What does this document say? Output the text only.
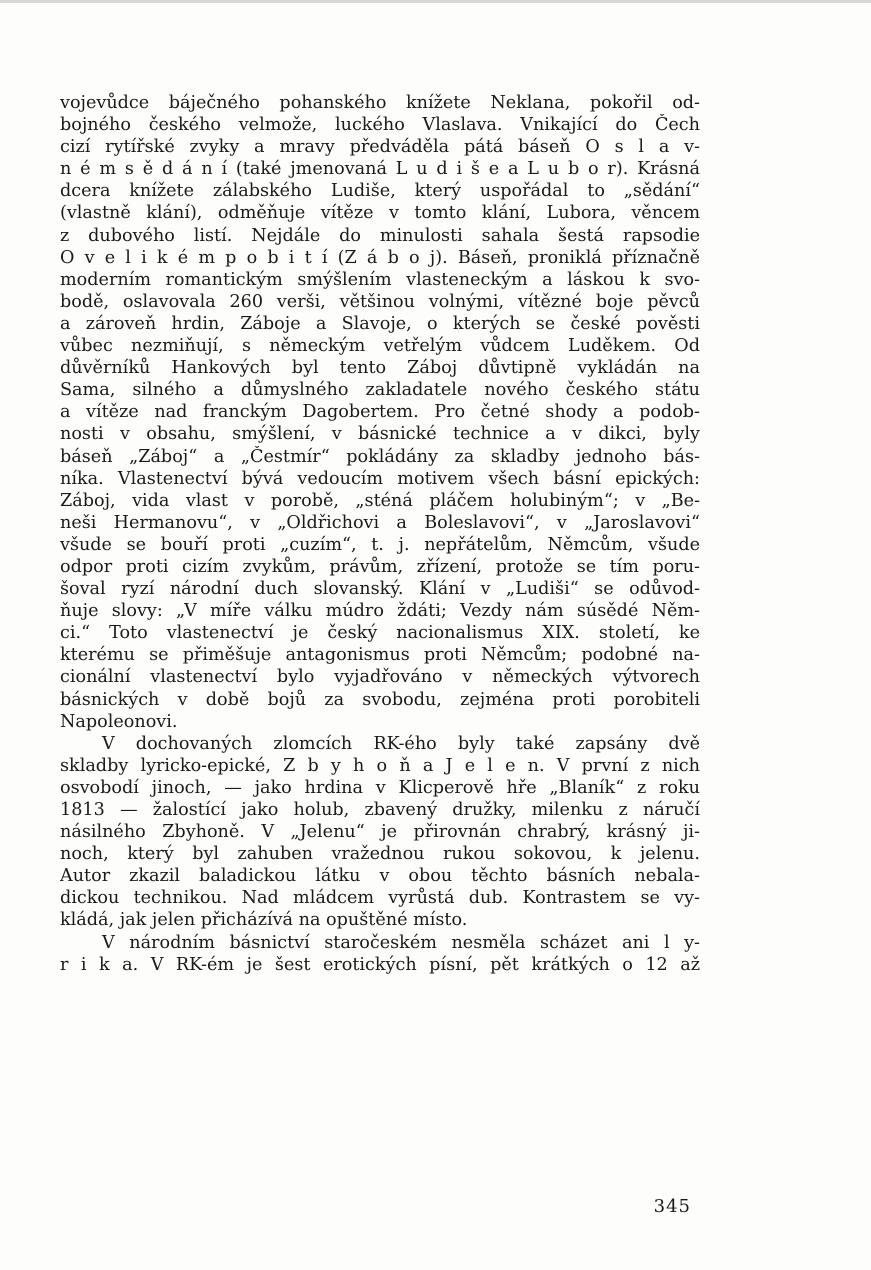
vojevůdce báječného pohanského knížete Neklana, pokořil od-
bojného českého velmože, luckého Vlaslava. Vnikající do Čech
cizí rytířské zvyky a mravy předváděla pátá báseň O s l a v-
n é m s ě d á n í (také jmenovaná L u d i š e a L u b o r). Krásná
dcera knížete zálabského Ludiše, který uspořádal to „sědání“
(vlastně klání), odměňuje vítěze v tomto klání, Lubora, věncem
z dubového listí. Nejdále do minulosti sahala šestá rapsodie
O v e l i k é m p o b i t í (Z á b o j). Báseň, proniklá příznačně
moderním romantickým smýšlením vlasteneckým a láskou k svo-
bodě, oslavovala 260 verši, většinou volnými, vítězné boje pěvců
a zároveň hrdin, Záboje a Slavoje, o kterých se české pověsti
vůbec nezmiňují, s německým vetřelým vůdcem Luděkem. Od
důvěrníků Hankových byl tento Záboj důvtipně vykládán na
Sama, silného a důmyslného zakladatele nového českého státu
a vítěze nad franckým Dagobertem. Pro četné shody a podob-
nosti v obsahu, smýšlení, v básnické technice a v dikci, byly
báseň „Záboj“ a „Čestmír“ pokládány za skladby jednoho bás-
níka. Vlastenectví bývá vedoucím motivem všech básní epických:
Záboj, vida vlast v porobě, „sténá pláčem holubiným“; v „Be-
neši Hermanovu“, v „Oldřichovi a Boleslavovi“, v „Jaroslavovi“
všude se bouří proti „cuzím“, t. j. nepřátelům, Němcům, všude
odpor proti cizím zvykům, právům, zřízení, protože se tím poru-
šoval ryzí národní duch slovanský. Klání v „Ludiši“ se odůvod-
ňuje slovy: „V míře válku múdro ždáti; Vezdy nám súsědé Něm-
ci.“ Toto vlastenectví je český nacionalismus XIX. století, ke
kterému se přiměšuje antagonismus proti Němcům; podobné na-
cionální vlastenectví bylo vyjadřováno v německých výtvorech
básnických v době bojů za svobodu, zejména proti porobiteli
Napoleonovi.
V dochovaných zlomcích RK-ého byly také zapsány dvě
skladby lyricko-epické, Z b y h o ň a J e l e n. V první z nich
osvobodí jinoch, — jako hrdina v Klicperově hře „Blaník“ z roku
1813 — žalostící jako holub, zbavený družky, milenku z náručí
násilného Zbyhoně. V „Jelenu“ je přirovnán chrabrý, krásný ji-
noch, který byl zahuben vražednou rukou sokovou, k jelenu.
Autor zkazil baladickou látku v obou těchto básních nebala-
dickou technikou. Nad mládcem vyrůstá dub. Kontrastem se vy-
kládá, jak jelen přicházívá na opuštěné místo.
V národním básnictví staročeském nesměla scházet ani l y-
r i k a. V RK-ém je šest erotických písní, pět krátkých o 12 až
345
